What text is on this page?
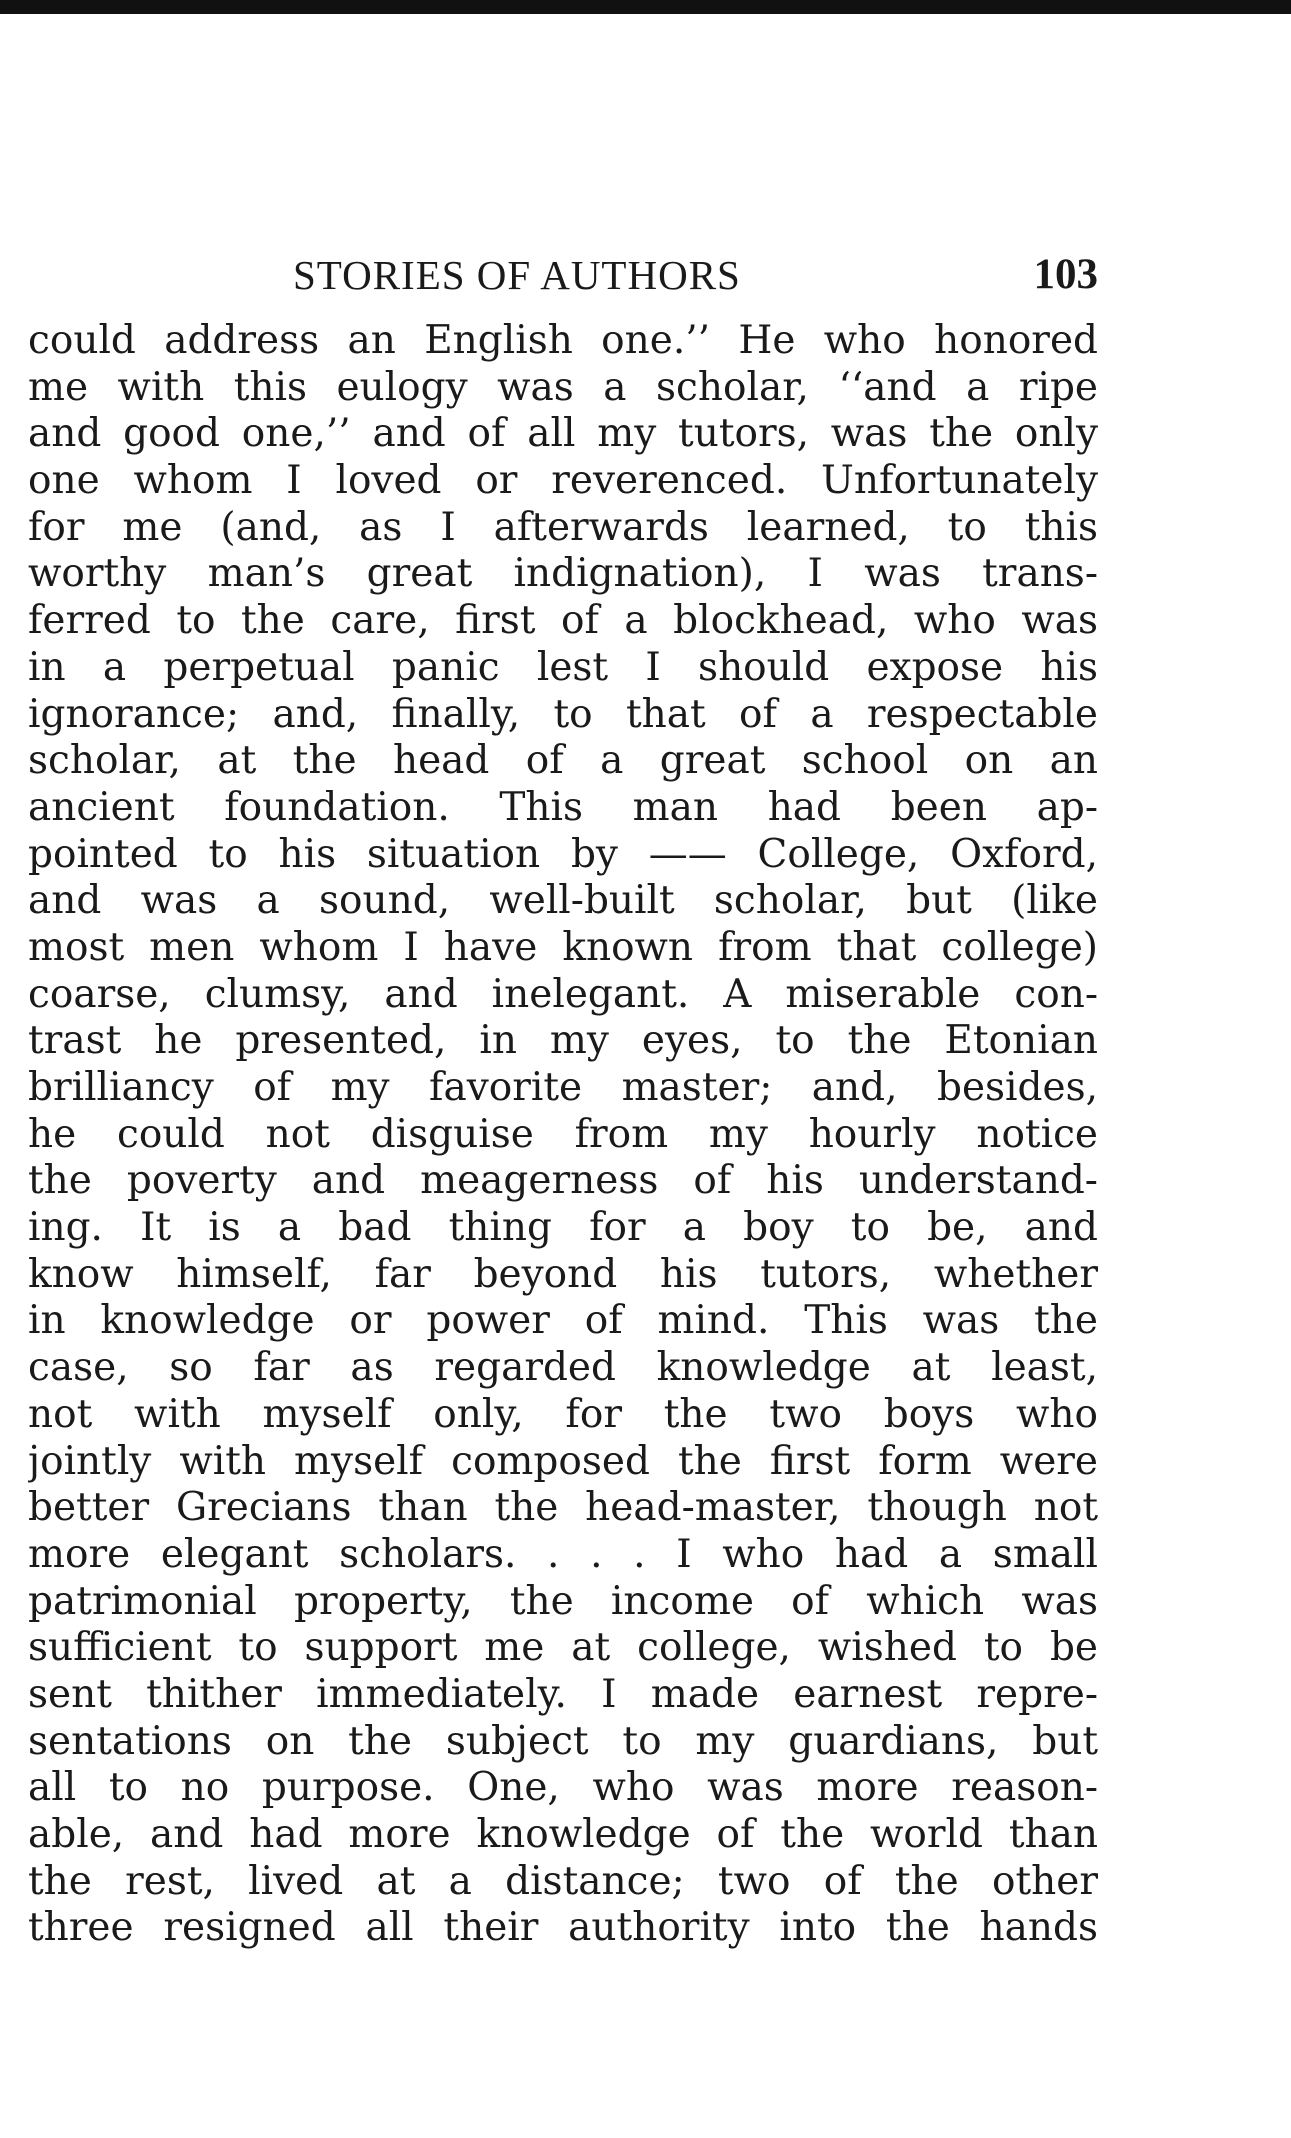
STORIES OF AUTHORS	103
could address an English one.’’ He who honored
me with this eulogy was a scholar, ‘‘and a ripe
and good one,’’ and of all my tutors, was the only
one whom I loved or reverenced. Unfortunately
for me (and, as I afterwards learned, to this
worthy man’s great indignation), I was trans-
ferred to the care, first of a blockhead, who was
in a perpetual panic lest I should expose his
ignorance; and, finally, to that of a respectable
scholar, at the head of a great school on an
ancient foundation. This man had been ap-
pointed to his situation by —— College, Oxford,
and was a sound, well-built scholar, but (like
most men whom I have known from that college)
coarse, clumsy, and inelegant. A miserable con-
trast he presented, in my eyes, to the Etonian
brilliancy of my favorite master; and, besides,
he could not disguise from my hourly notice
the poverty and meagerness of his understand-
ing. It is a bad thing for a boy to be, and
know himself, far beyond his tutors, whether
in knowledge or power of mind. This was the
case, so far as regarded knowledge at least,
not with myself only, for the two boys who
jointly with myself composed the first form were
better Grecians than the head-master, though not
more elegant scholars. . . . I who had a small
patrimonial property, the income of which was
sufficient to support me at college, wished to be
sent thither immediately. I made earnest repre-
sentations on the subject to my guardians, but
all to no purpose. One, who was more reason-
able, and had more knowledge of the world than
the rest, lived at a distance; two of the other
three resigned all their authority into the hands
